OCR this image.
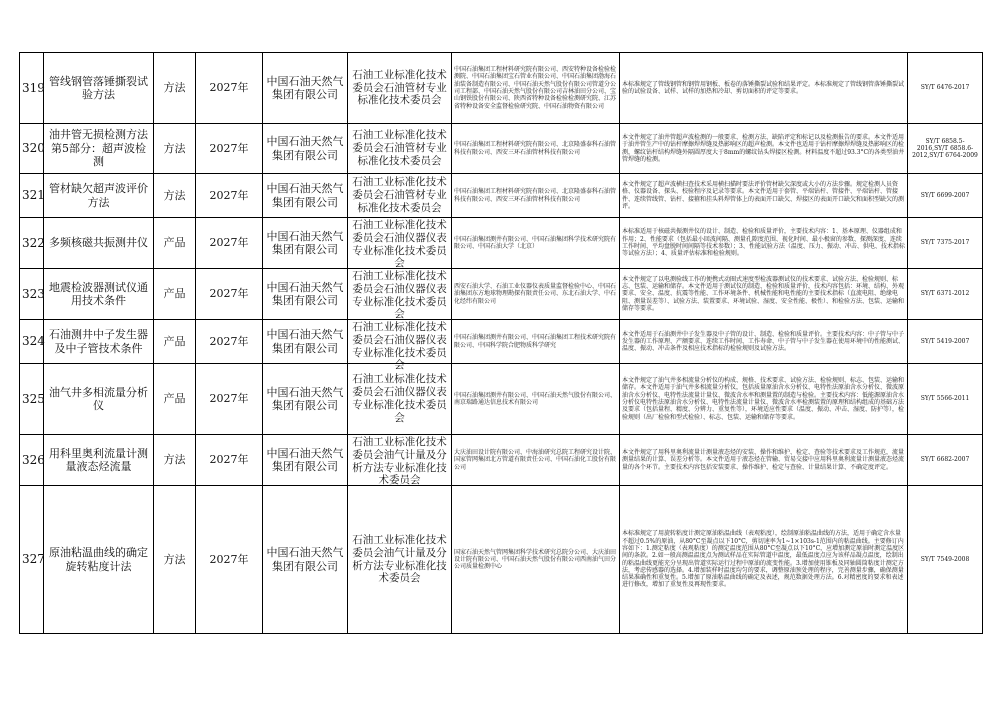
319	管线钢管落锤撕裂试验方法	方法	2027年	中国石油天然气集团有限公司	石油工业标准化技术委员会石油管材专业标准化技术委员会	中国石油集团工程材料研究院有限公司、西安特种设备检验检测院、中国石油集团宝石管业有限公司、中国石油集团渤海石油装备制造有限公司、中国石油天然气股份有限公司管道分公司工程部、中国石油天然气股份有限公司吉林油田分公司、宝山钢铁股份有限公司、陕西省特种设备检验检测研究院、江苏省特种设备安全监督检验研究院、中国石油物资有限公司	本标准规定了管线钢管和钢管用钢板、板卷的落锤撕裂试验和结果评定。本标准规定了管线钢管落锤撕裂试验的试验设备、试样、试样的加热和冷却、剪切面积的评定等要求。	SY/T 6476-2017

320	油井管无损检测方法第5部分：超声波检测	方法	2027年	中国石油天然气集团有限公司	石油工业标准化技术委员会石油管材专业标准化技术委员会	中国石油集团工程材料研究院有限公司、北京隆盛泰科石油管科技有限公司、西安三环石油管材科技有限公司	本文件规定了油井管超声波检测的一般要求、检测方法、缺陷评定和标记以及检测报告的要求。本文件适用于油井管生产中的钻杆摩擦焊焊缝及热影响区的超声检测。本文件也适用于钻杆摩擦焊焊缝及热影响区的检测，螺纹钻杆结构焊缝外隔圆厚度大于8mm的螺纹钻头焊接区检测。材料温度不超过93.3°C的各类型油井管焊缝的检测。	SY/T 6858.5-2016,SY/T 6858.6-2012,SY/T 6764-2009

321	管材缺欠超声波评价方法	方法	2027年	中国石油天然气集团有限公司	石油工业标准化技术委员会石油管材专业标准化技术委员会	中国石油集团工程材料研究院有限公司、北京隆盛泰科石油管科技有限公司、西安三环石油管材科技有限公司	本文件规定了超声波横扫查技术采用横扫描时要法评价管材缺欠深度或大小的方法步骤。规定检测人员资格、仪器设备、探头、校验程序及记录等要求。本文件适用于套管、平端钻杆、管接件、平端钻杆、管接件、连续管线管、钻杆、接箍和挂头料焊管体上的表面开口缺欠、焊接区的表面开口缺欠和面积型缺欠的测评。	SY/T 6699-2007

322	多频核磁共振测井仪	产品	2027年	中国石油天然气集团有限公司	石油工业标准化技术委员会石油仪器仪表专业标准化技术委员会	中国石油集团测井有限公司、中国石油集团科学技术研究院有限公司、中国石油大学（北京）	本标准适用于核磁共振测井仪的设计、制造、检验和质量评价，主要技术内容：1、基本原理、仪器组成和作用；2、性能要求（包括最小回波间隔、测量孔隙度范围、视化时间、最小极窗的参数、探测深度、连续工作时间、平均盘脱时间间隔等技术参数）；3、性能试验方法（温度、压力、振动、冲击、供电、技术指标等试验方法）；4、质量评估标准和检验规则。	SY/T 7375-2017

323	地震检波器测试仪通用技术条件	产品	2027年	中国石油天然气集团有限公司	石油工业标准化技术委员会石油仪器仪表专业标准化技术委员会	西安石油大学、石油工业仪器仪表质量监督检验中心、中国石油集团东方地球物理勘探有限责任公司、东北石油大学、中石化经纬有限公司	本文件规定了以电测验线工作的便携式动圈式速度型检波器测试仪的技术要求、试验方法、检验规则、标志、包装、运输和储存。本文件适用于测试仪的制造、检验和质量评价，技术内容包括：环境、结构、外观要求、安全、温度、抗震等性能、工作环境条件、机械性能和电性能的主要技术指标（直流电阻、绝缘电阻、测量误差等）、试验方法、装置要求、环境试验、湿度、安全性能、极性）、和检验方法、包装、运输和储存等要求。	SY/T 6371-2012

324	石油测井中子发生器及中子管技术条件	产品	2027年	中国石油天然气集团有限公司	石油工业标准化技术委员会石油仪器仪表专业标准化技术委员会	中国石油集团测井有限公司、中国石油集团工程技术研究院有限公司、中国科学院合肥物质科学研究	本文件适用于石油测井中子发生器及中子管的设计、制造、检验和质量评价。主要技术内容：中子管与中子发生器的工作原理、产额要求、连续工作时间、工作寿命、中子管与中子发生器在使用环境中的性能测试、温度、振动、冲击条件及相应技术指标的检验规则及试验方法。	SY/T 5419-2007

325	油气井多相流量分析仪	产品	2027年	中国石油天然气集团有限公司	石油工业标准化技术委员会石油仪器仪表专业标准化技术委员会	中国石油集团测井有限公司、中国石油天然气股份有限公司、南京瑞路通达信息技术有限公司	本文件规定了油气井多相流量分析仪的构成、规格、技术要求、试验方法、检验规则、标志、包装、运输和储存。本文件适用于油气井多相流量分析仪，包括质量原油含水分析仪、电特性法原油含水分析仪、微波原油含水分析仪、电特性法流量计量仪、微波含水率和测量置的制造与检验。主要技术内容：低能源原油含水分析仪电特性法原油含水分析仪、电特性法流量计量仪、微波含水率检测装置的原理和结构组成的基础方法及要求（包括量程、精度、分辨力、重复性等），环境适应性要求（温度、振动、冲击、湿度、防护等），检验规则（出厂检验和型式检验）、标志、包装、运输和储存等要求。	SY/T 5566-2011

326	用科里奥利流量计测量液态烃流量	方法	2027年	中国石油天然气集团有限公司	石油工业标准化技术委员会油气计量及分析方法专业标准化技术委员会	大庆油田设计院有限公司、中海油研究总院工程研究设计院、国家管网集团北方管道有限责任公司、中国石油化工股份有限公司	本文件规定了用科里奥利流量计测量液态烃的安装、操作和维护、检定、查验等技术要求及工作规范，流量测量结果的计算、误差分析等。本文件适用于液态烃在管输、贸易交接中应用科里奥利流量计测量液态烃流量的各个环节。主要技术内容包括安装要求、操作维护、检定与查验、计量结果计算、不确定度评定。	SY/T 6682-2007

327	原油粘温曲线的确定旋转粘度计法	方法	2027年	中国石油天然气集团有限公司	石油工业标准化技术委员会油气计量及分析方法专业标准化技术委员会	国家石油天然气管网集团科学技术研究总院分公司、大庆油田设计院有限公司、中国石油天然气股份有限公司西南油气田分公司质量检测中心	本标准规定了用旋转粘度计测定原油粘温曲线（表观粘度），绘制原油粘温曲线的方法，适用于确定含水量不超过0.5%的原油，从80°C至凝点以下10°C，剪切速率为1~1×103s-1范围内的粘温曲线。主要修订内容如下：1.测定粘度（表观粘度）的测定温度范围从80°C至凝点以下10°C，应增加测定原油时测定温度区间的条款。2.如一般高测温温度点为测试样品在实际管道中温度，最低温度点应为该样品凝点温度，绘制出的粘温曲线更能充分呈现出管道实际运行过程中原油的流变性能。3.增加使用锥板及同轴圆筒粘度计测定方法，考虑传感器的选择。4.增加装样时温度均匀的要求，调整原油预处理的程序，完善测量步骤，确保测量结果准确性和重复性。5.增加了原油粘温曲线的确定及表述，规范数据处理方法。6.对精密度的要求和表述进行修改，增加了重复性及再现性要求。	SY/T 7549-2008
